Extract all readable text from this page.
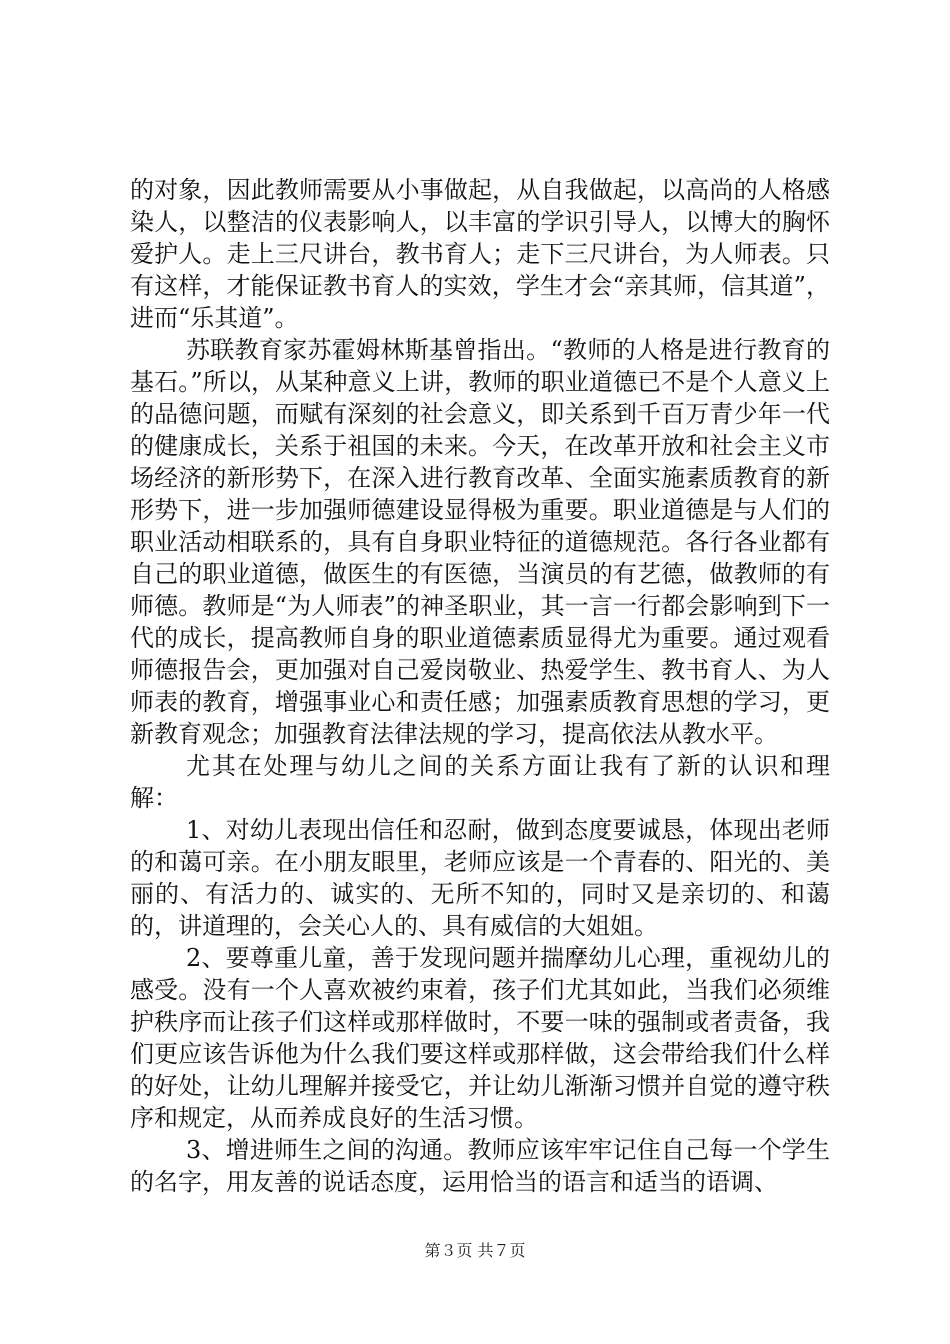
的对象，因此教师需要从小事做起，从自我做起，以高尚的人格感染人，以整洁的仪表影响人，以丰富的学识引导人，以博大的胸怀爱护人。走上三尺讲台，教书育人；走下三尺讲台，为人师表。只有这样，才能保证教书育人的实效，学生才会“亲其师，信其道”，进而“乐其道”。

苏联教育家苏霍姆林斯基曾指出。“教师的人格是进行教育的基石。”所以，从某种意义上讲，教师的职业道德已不是个人意义上的品德问题，而赋有深刻的社会意义，即关系到千百万青少年一代的健康成长，关系于祖国的未来。今天，在改革开放和社会主义市场经济的新形势下，在深入进行教育改革、全面实施素质教育的新形势下，进一步加强师德建设显得极为重要。职业道德是与人们的职业活动相联系的，具有自身职业特征的道德规范。各行各业都有自己的职业道德，做医生的有医德，当演员的有艺德，做教师的有师德。教师是“为人师表”的神圣职业，其一言一行都会影响到下一代的成长，提高教师自身的职业道德素质显得尤为重要。通过观看师德报告会，更加强对自己爱岗敬业、热爱学生、教书育人、为人师表的教育，增强事业心和责任感；加强素质教育思想的学习，更新教育观念；加强教育法律法规的学习，提高依法从教水平。

尤其在处理与幼儿之间的关系方面让我有了新的认识和理解：

1、对幼儿表现出信任和忍耐，做到态度要诚恳，体现出老师的和蔼可亲。在小朋友眼里，老师应该是一个青春的、阳光的、美丽的、有活力的、诚实的、无所不知的，同时又是亲切的、和蔼的，讲道理的，会关心人的、具有威信的大姐姐。

2、要尊重儿童，善于发现问题并揣摩幼儿心理，重视幼儿的感受。没有一个人喜欢被约束着，孩子们尤其如此，当我们必须维护秩序而让孩子们这样或那样做时，不要一味的强制或者责备，我们更应该告诉他为什么我们要这样或那样做，这会带给我们什么样的好处，让幼儿理解并接受它，并让幼儿渐渐习惯并自觉的遵守秩序和规定，从而养成良好的生活习惯。

3、增进师生之间的沟通。教师应该牢牢记住自己每一个学生的名字，用友善的说话态度，运用恰当的语言和适当的语调、

第３页 共７页
